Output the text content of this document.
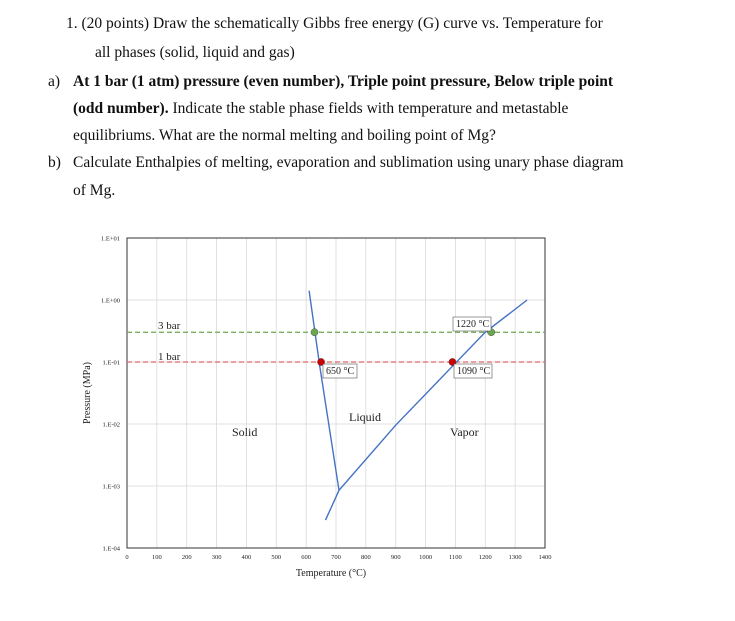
1. (20 points) Draw the schematically Gibbs free energy (G) curve vs. Temperature for
all phases (solid, liquid and gas)
a) At 1 bar (1 atm) pressure (even number), Triple point pressure, Below triple point
(odd number). Indicate the stable phase fields with temperature and metastable
equilibriums. What are the normal melting and boiling point of Mg?
b) Calculate Enthalpies of melting, evaporation and sublimation using unary phase diagram
of Mg.
0	100	200	300	400	500	600	700	800	900	1000	1100	1200	1300	1400
1.E+01
1.E+00
1.E-01
1.E-02
1.E-03
1.E-04
Temperature (°C)
Pressure (MPa)
3 bar
1 bar
650 °C	1090 °C
1220 °C
Solid
Liquid
Vapor
